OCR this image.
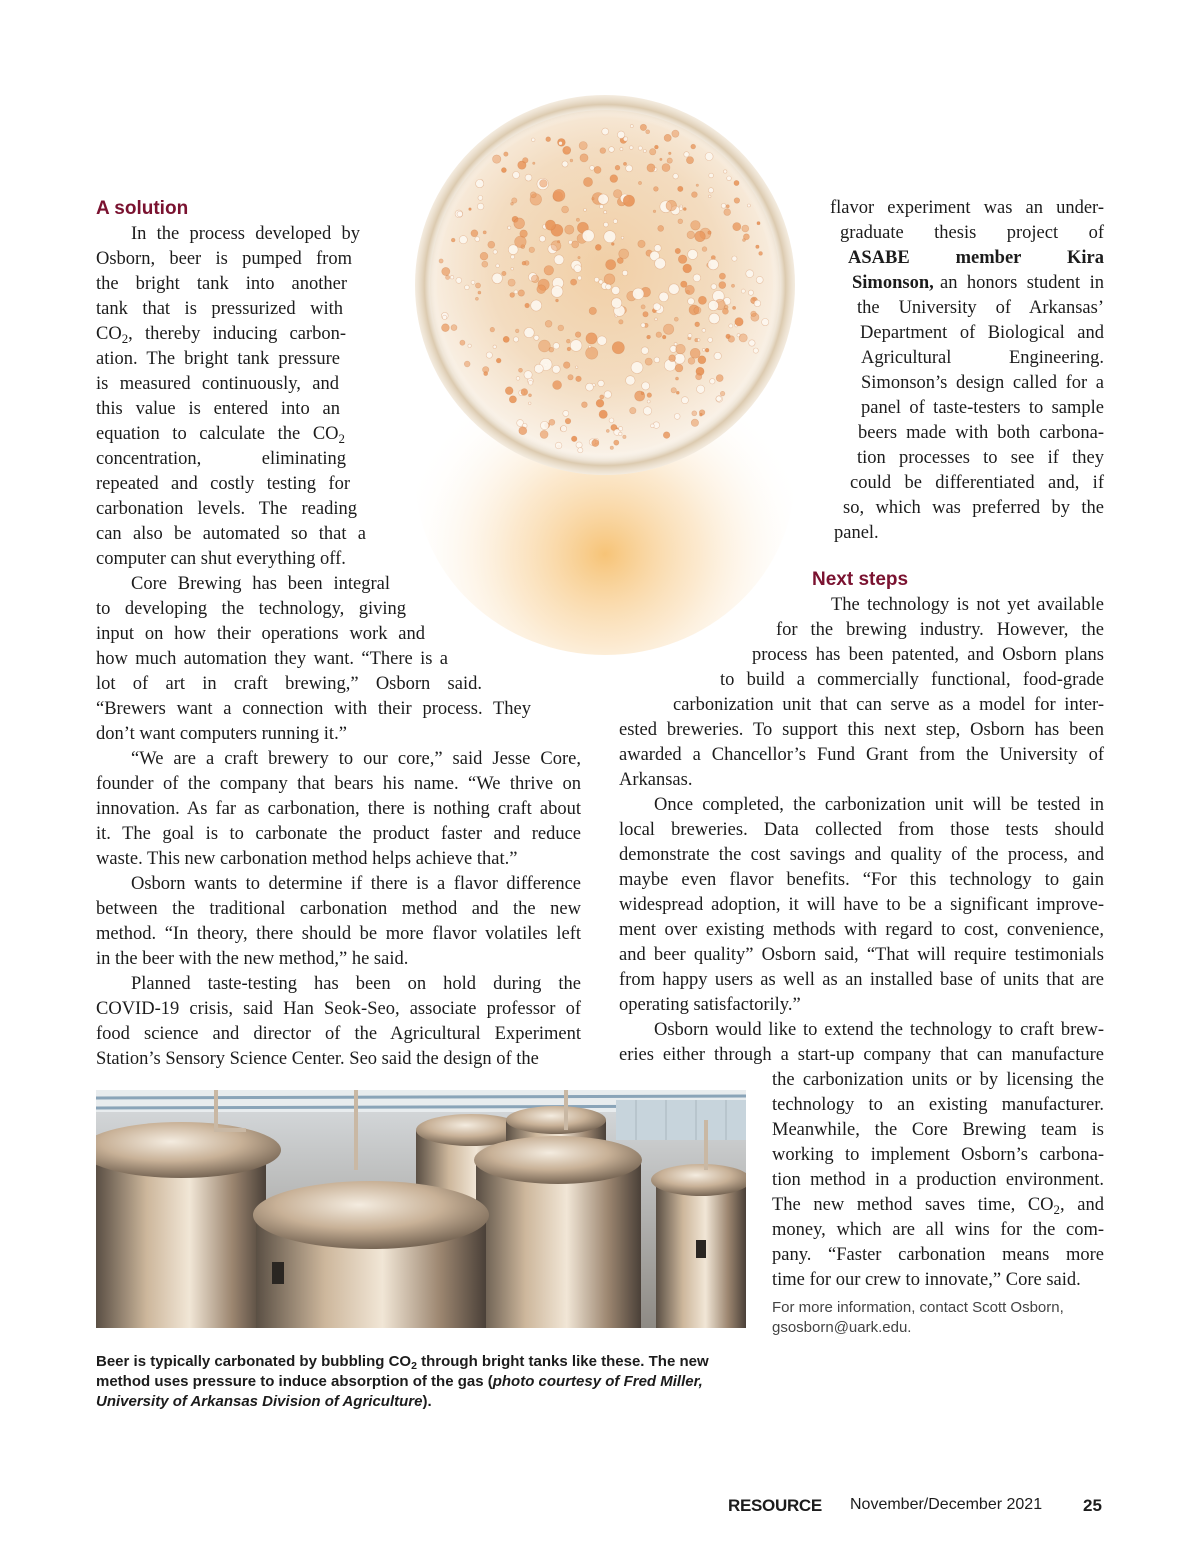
A solution
Next steps
In the process developed by
Osborn, beer is pumped from
the bright tank into another
tank that is pressurized with
$CO_2$, thereby inducing carbon-
ation. The bright tank pressure
is measured continuously, and
this value is entered into an
equation to calculate the $CO_2$
concentration, eliminating
repeated and costly testing for
carbonation levels. The reading
can also be automated so that a
computer can shut everything off.
Core Brewing has been integral
to developing the technology, giving
input on how their operations work and
how much automation they want. “There is a
lot of art in craft brewing,” Osborn said.
“Brewers want a connection with their process. They
don’t want computers running it.”
“We are a craft brewery to our core,” said Jesse Core,
founder of the company that bears his name. “We thrive on
innovation. As far as carbonation, there is nothing craft about
it. The goal is to carbonate the product faster and reduce
waste. This new carbonation method helps achieve that.”
Osborn wants to determine if there is a flavor difference
between the traditional carbonation method and the new
method. “In theory, there should be more flavor volatiles left
in the beer with the new method,” he said.
Planned taste-testing has been on hold during the
COVID-19 crisis, said Han Seok-Seo, associate professor of
food science and director of the Agricultural Experiment
Station’s Sensory Science Center. Seo said the design of the
flavor experiment was an under-
graduate thesis project of
ASABE member Kira
Simonson, an honors student in
the University of Arkansas’
Department of Biological and
Agricultural Engineering.
Simonson’s design called for a
panel of taste-testers to sample
beers made with both carbona-
tion processes to see if they
could be differentiated and, if
so, which was preferred by the
panel.
The technology is not yet available
for the brewing industry. However, the
process has been patented, and Osborn plans
to build a commercially functional, food-grade
carbonization unit that can serve as a model for inter-
ested breweries. To support this next step, Osborn has been
awarded a Chancellor’s Fund Grant from the University of
Arkansas.
Once completed, the carbonization unit will be tested in
local breweries. Data collected from those tests should
demonstrate the cost savings and quality of the process, and
maybe even flavor benefits. “For this technology to gain
widespread adoption, it will have to be a significant improve-
ment over existing methods with regard to cost, convenience,
and beer quality” Osborn said, “That will require testimonials
from happy users as well as an installed base of units that are
operating satisfactorily.”
Osborn would like to extend the technology to craft brew-
eries either through a start-up company that can manufacture
the carbonization units or by licensing the
technology to an existing manufacturer.
Meanwhile, the Core Brewing team is
working to implement Osborn’s carbona-
tion method in a production environment.
The new method saves time, $CO_2$, and
money, which are all wins for the com-
pany. “Faster carbonation means more
time for our crew to innovate,” Core said.
For more information, contact Scott Osborn,
gsosborn@uark.edu.
Beer is typically carbonated by bubbling $CO_2$ through bright tanks like these. The new method uses pressure to induce absorption of the gas (photo courtesy of Fred Miller, University of Arkansas Division of Agriculture).
RESOURCE November/December 2021 25
